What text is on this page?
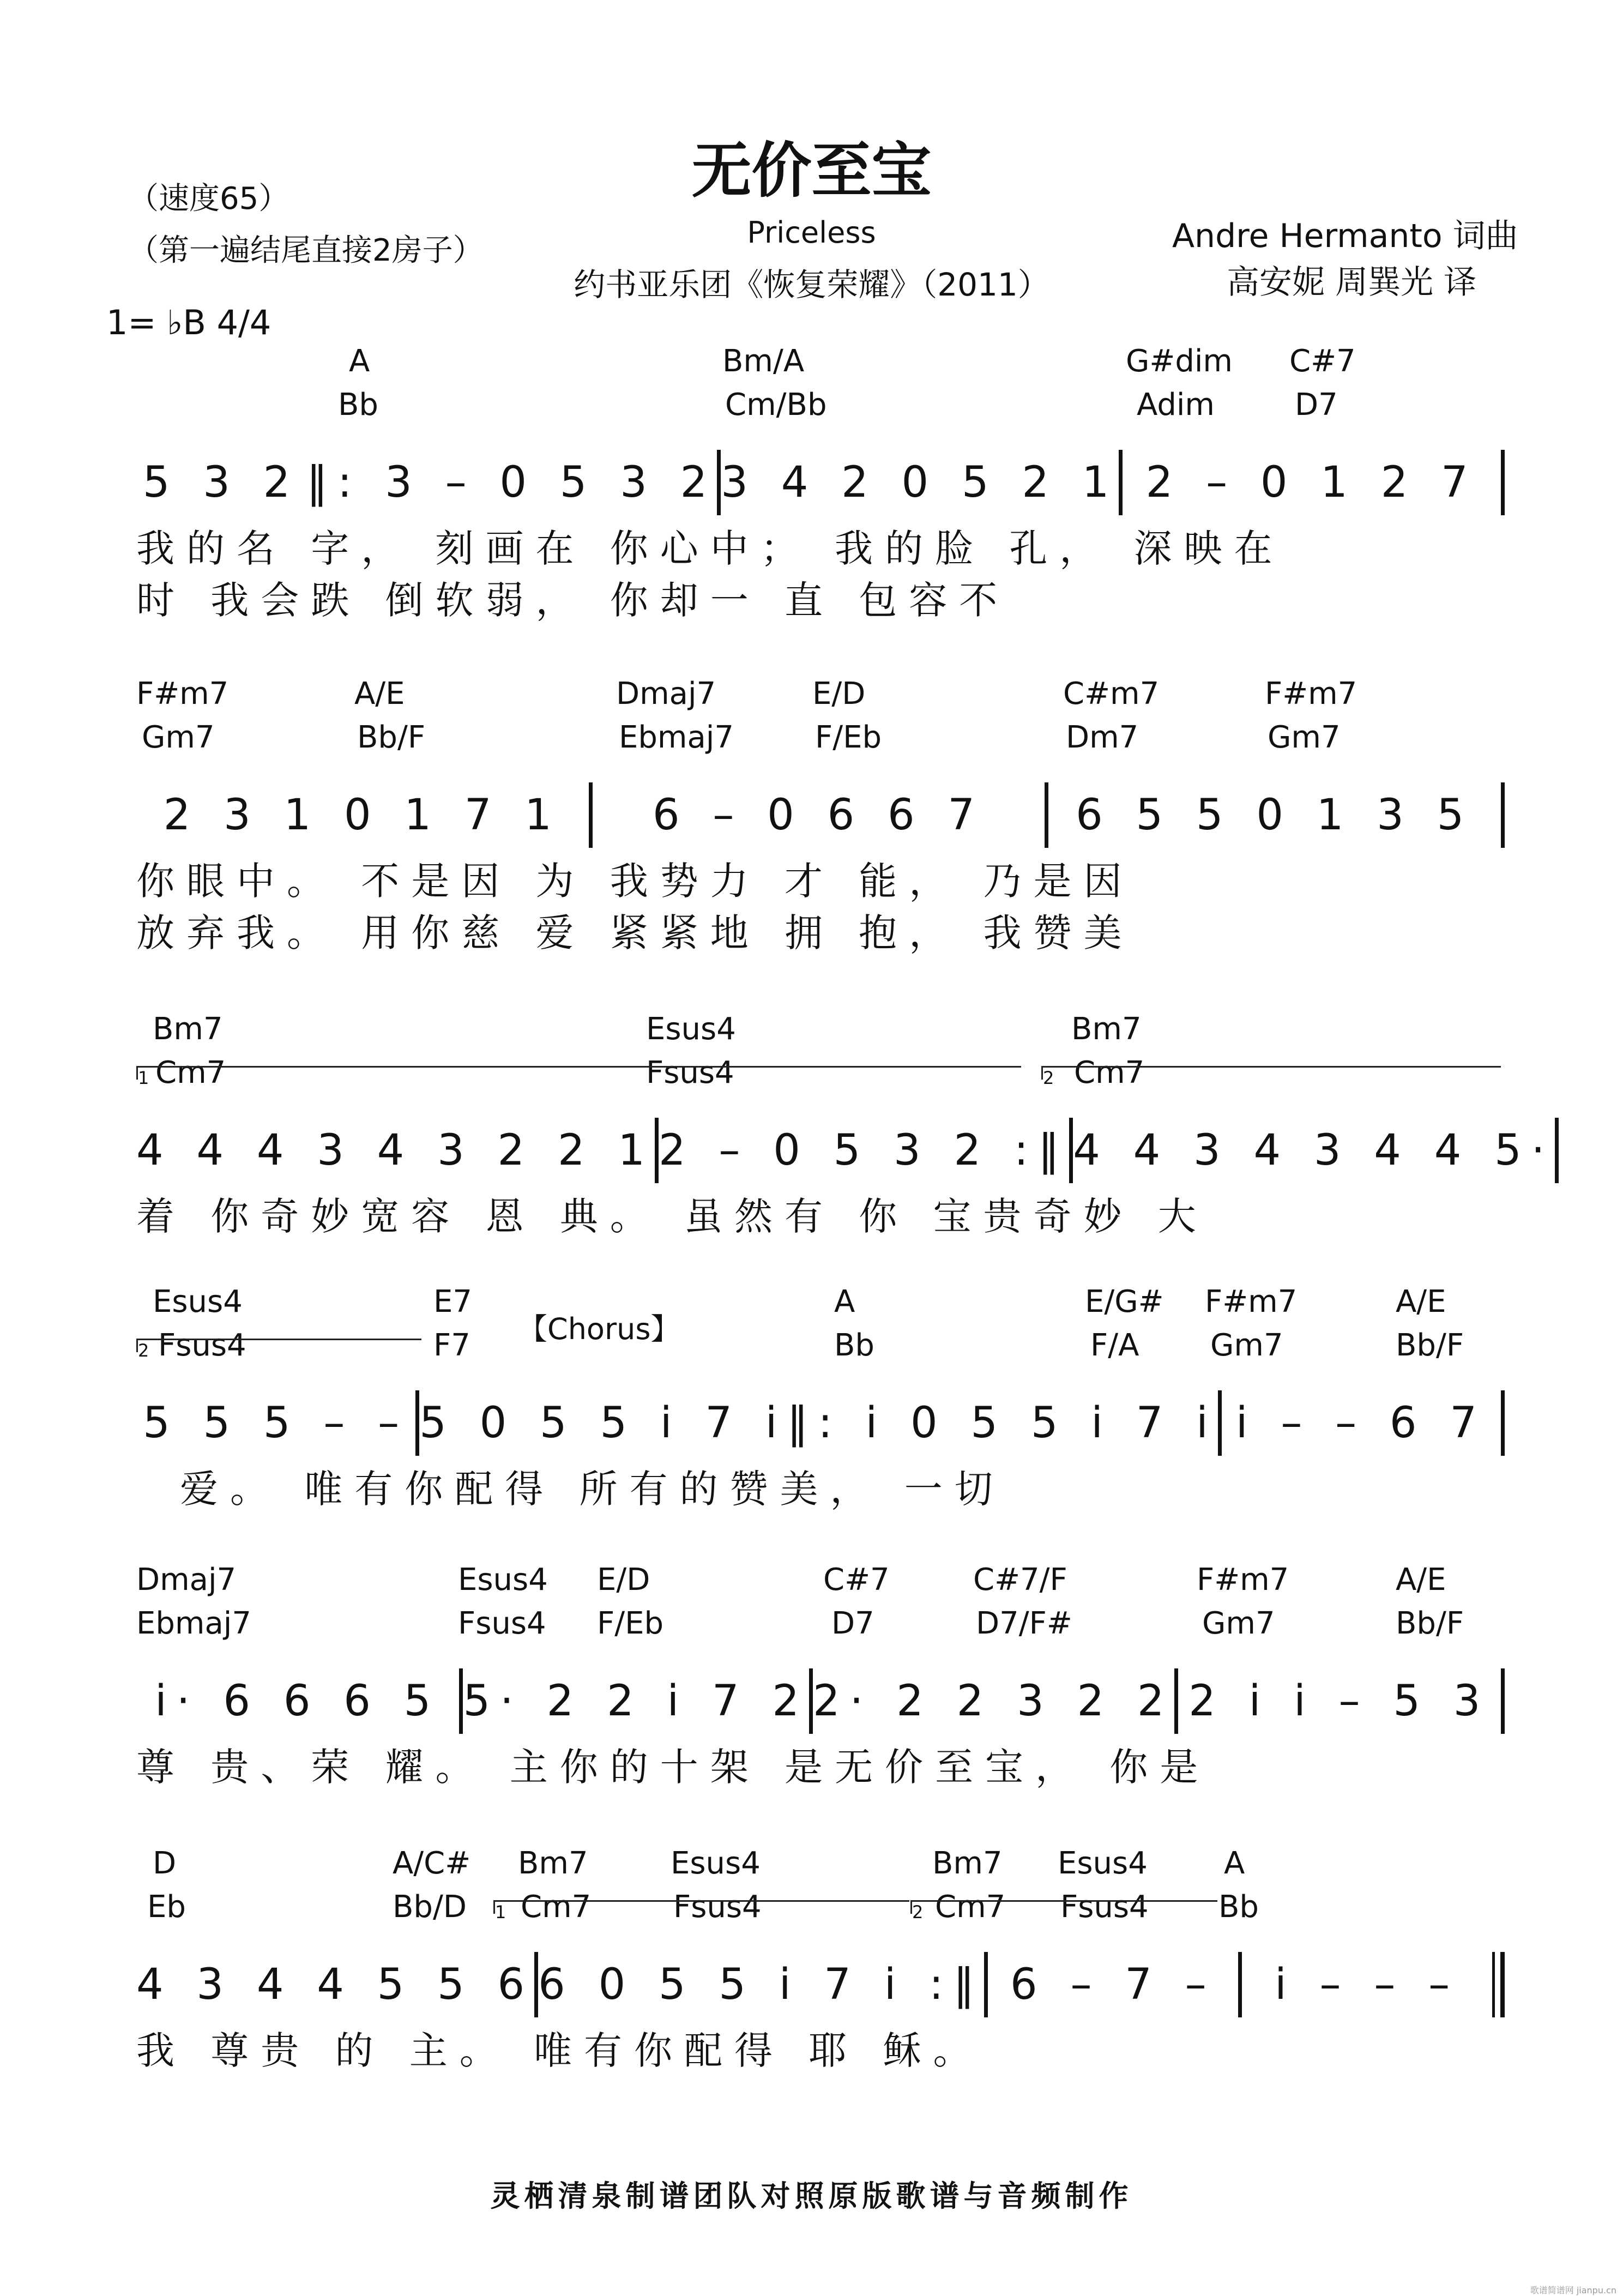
无价至宝
Priceless
约书亚乐团《恢复荣耀》（2011）
（速度65）
（第一遍结尾直接2房子）
1= ♭B 4/4
Andre Hermanto 词曲
高安妮 周巽光 译
A	Bm/A	G#dim C#7
Bb	Cm/Bb	Adim	D7
5 3 2 ‖: 3 – 0 5 3 2 3 4 2 0 5 2 1 2 – 0 1 2 7
我的名 字， 刻画在 你心中； 我的脸 孔， 深映在
时 我会跌 倒软弱， 你却一 直 包容不
F#m7	A/E	Dmaj7	E/D	C#m7	F#m7
Gm7	Bb/F	Ebmaj7	F/Eb	Dm7	Gm7
2 3 1 0 1 7 1	6 – 0 6 6 7	6 5 5 0 1 3 5
你眼中。 不是因 为 我势力 才 能， 乃是因
放弃我。 用你慈 爱 紧紧地 拥 抱， 我赞美
Bm7	Esus4	Bm7
Cm7	Fsus4	Cm7
1	2
4 4 4 3 4 3 2 2 1 2 – 0 5 3 2 :‖ 4 4 3 4 3 4 4 5·
着 你奇妙宽容 恩 典。 虽然有 你 宝贵奇妙 大
Esus4	E7	A	E/G# F#m7	A/E
Fsus4	F7	Bb	F/A Gm7	Bb/F
【Chorus】
2
5 5 5 – – 5 0 5 5 i 7 i ‖: i 0 5 5 i 7 i i – – 6 7
爱。 唯有你配得 所有的赞美， 一切
Dmaj7	Esus4 E/D	C#7	C#7/F	F#m7	A/E
Ebmaj7	Fsus4 F/Eb	D7	D7/F#	Gm7	Bb/F
i· 6 6 6 5 5· 2 2 i 7 2 2· 2 2 3 2 2 2 i i – 5 3
尊 贵、荣 耀。 主你的十架 是无价至宝， 你是
D	A/C# Bm7	Esus4	Bm7 Esus4	A
Eb	Bb/D Cm7	Fsus4	Cm7 Fsus4 Bb
1	2
4 3 4 4 5 5 6 6 0 5 5 i 7 i :‖ 6 – 7 –	i – – –
我 尊贵 的 主。 唯有你配得 耶 稣。
灵栖清泉制谱团队对照原版歌谱与音频制作
歌谱简谱网 jianpu.cn
